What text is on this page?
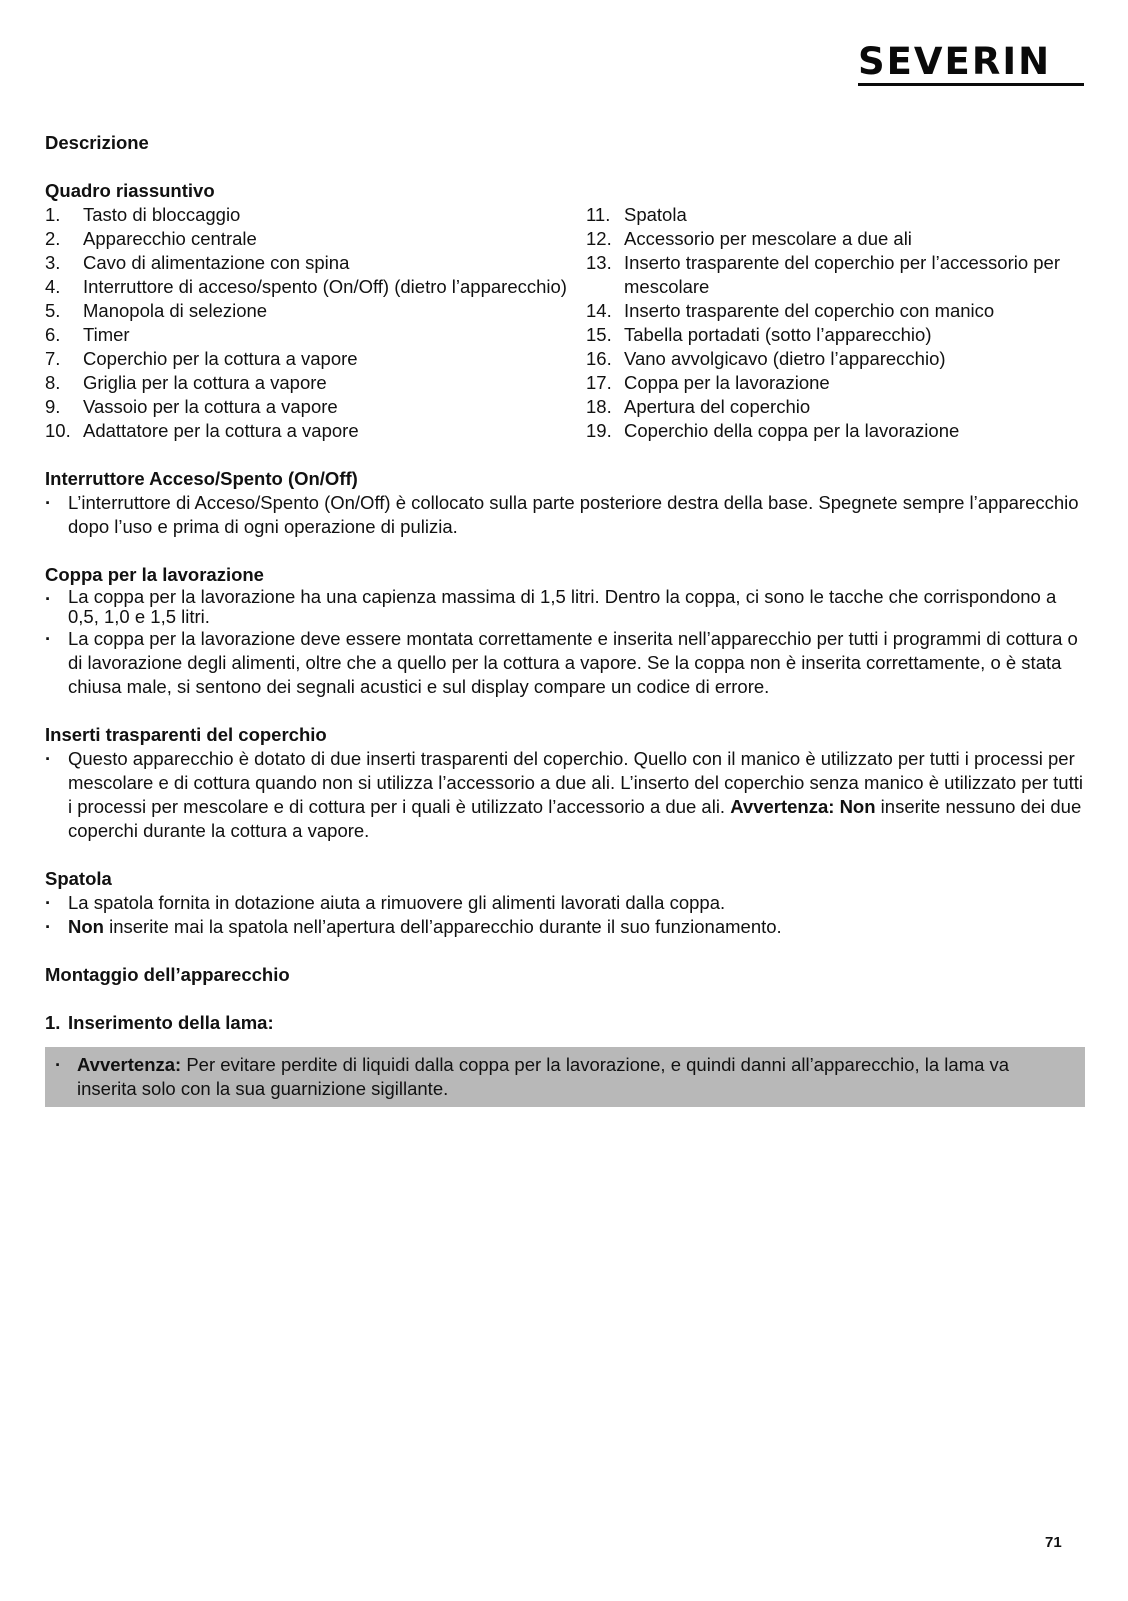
SEVERIN
Descrizione
Quadro riassuntivo
1.	Tasto di bloccaggio
2.	Apparecchio centrale
3.	Cavo di alimentazione con spina
4.	Interruttore di acceso/spento (On/Off) (dietro l’apparecchio)
5.	Manopola di selezione
6.	Timer
7.	Coperchio per la cottura a vapore
8.	Griglia per la cottura a vapore
9.	Vassoio per la cottura a vapore
10. Adattatore per la cottura a vapore
11. Spatola
12. Accessorio per mescolare a due ali
13. Inserto trasparente del coperchio per l’accessorio per mescolare
14. Inserto trasparente del coperchio con manico
15. Tabella portadati (sotto l’apparecchio)
16. Vano avvolgicavo (dietro l’apparecchio)
17. Coppa per la lavorazione
18. Apertura del coperchio
19. Coperchio della coppa per la lavorazione
Interruttore Acceso/Spento (On/Off)
· L’interruttore di Acceso/Spento (On/Off) è collocato sulla parte posteriore destra della base. Spegnete sempre l’apparecchio dopo l’uso e prima di ogni operazione di pulizia.
Coppa per la lavorazione
· La coppa per la lavorazione ha una capienza massima di 1,5 litri. Dentro la coppa, ci sono le tacche che corrispondono a 0,5, 1,0 e 1,5 litri.
· La coppa per la lavorazione deve essere montata correttamente e inserita nell’apparecchio per tutti i programmi di cottura o di lavorazione degli alimenti, oltre che a quello per la cottura a vapore. Se la coppa non è inserita correttamente, o è stata chiusa male, si sentono dei segnali acustici e sul display compare un codice di errore.
Inserti trasparenti del coperchio
· Questo apparecchio è dotato di due inserti trasparenti del coperchio. Quello con il manico è utilizzato per tutti i processi per mescolare e di cottura quando non si utilizza l’accessorio a due ali. L’inserto del coperchio senza manico è utilizzato per tutti i processi per mescolare e di cottura per i quali è utilizzato l’accessorio a due ali. Avvertenza: Non inserite nessuno dei due coperchi durante la cottura a vapore.
Spatola
· La spatola fornita in dotazione aiuta a rimuovere gli alimenti lavorati dalla coppa.
· Non inserite mai la spatola nell’apertura dell’apparecchio durante il suo funzionamento.
Montaggio dell’apparecchio
1. Inserimento della lama:
· Avvertenza: Per evitare perdite di liquidi dalla coppa per la lavorazione, e quindi danni all’apparecchio, la lama va inserita solo con la sua guarnizione sigillante.
71
